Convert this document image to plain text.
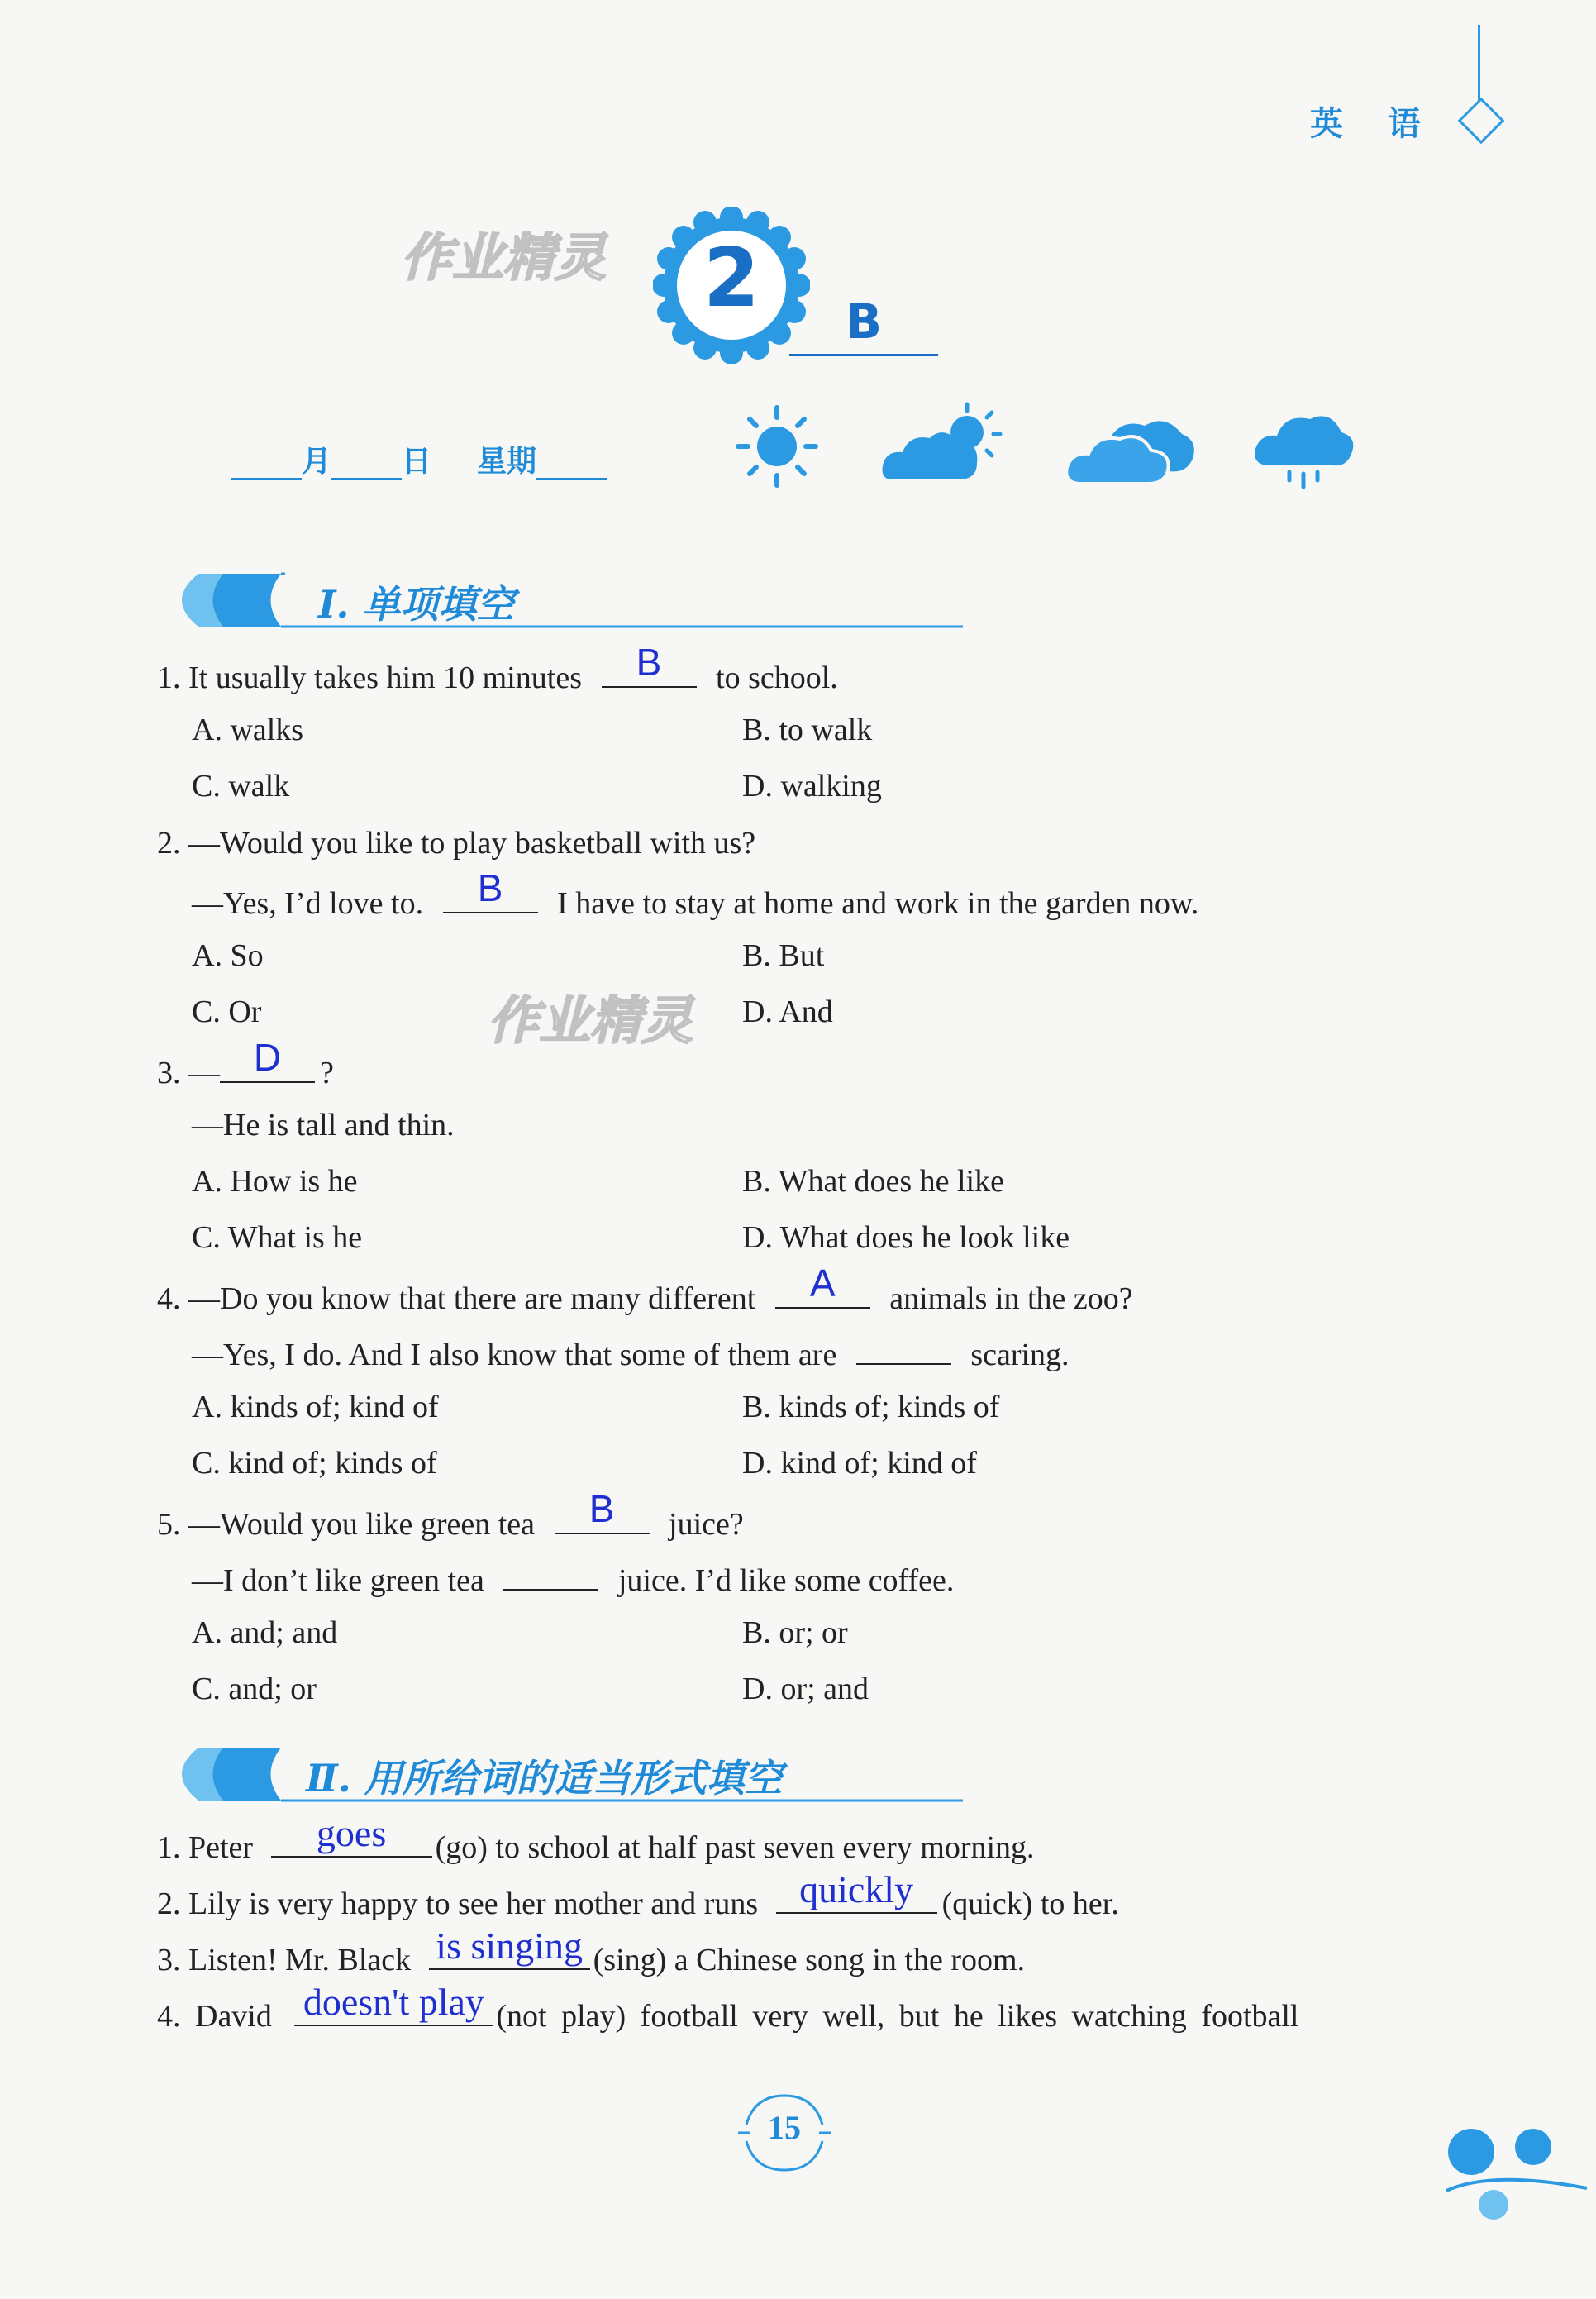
英 语
作业精灵
作业精灵
2	B
月 日 星期
Ⅰ. 单项填空
1. It usually takes him 10 minutes	B	to school.
A. walks	B. to walk
C. walk	D. walking
2. —Would you like to play basketball with us?
—Yes, I’d love to.	B	I have to stay at home and work in the garden now.
A. So	B. But
C. Or	D. And
3. — D	?
—He is tall and thin.
A. How is he	B. What does he like
C. What is he	D. What does he look like
4. —Do you know that there are many different	A	animals in the zoo?
—Yes, I do. And I also know that some of them are	scaring.
A. kinds of; kind of	B. kinds of; kinds of
C. kind of; kinds of	D. kind of; kind of
5. —Would you like green tea	B	juice?
—I don’t like green tea	juice. I’d like some coffee.
A. and; and	B. or; or
C. and; or	D. or; and
Ⅱ. 用所给词的适当形式填空
1. Peter	goes	(go) to school at half past seven every morning.
2. Lily is very happy to see her mother and runs	quickly (quick) to her.
3. Listen! Mr. Black is singing (sing) a Chinese song in the room.
4. David doesn't play (not play) football very well, but he likes watching football
15
